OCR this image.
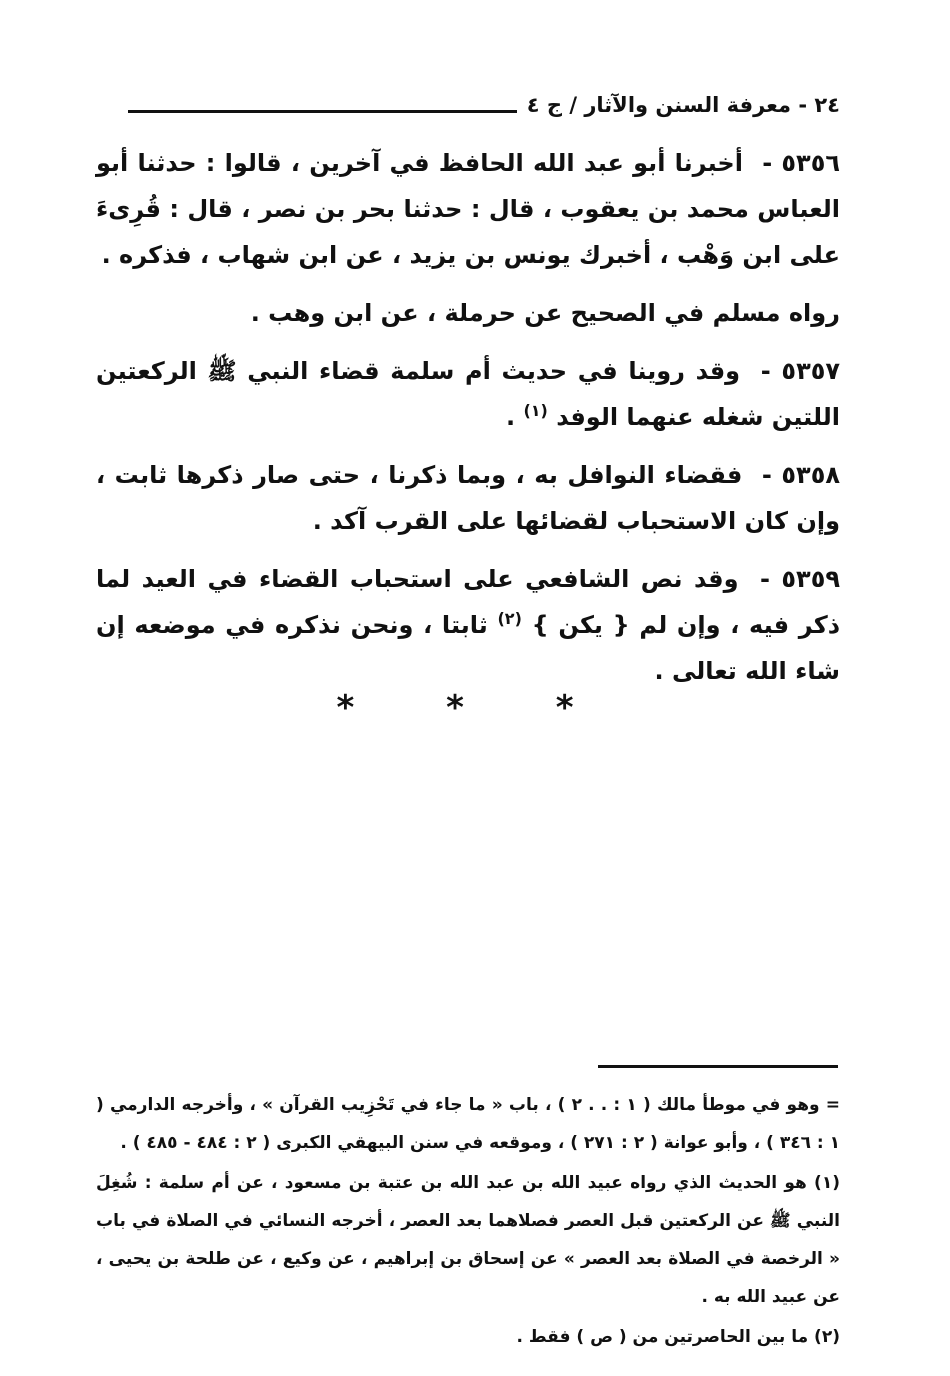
٢٤ - معرفة السنن والآثار / ج ٤

٥٣٥٦ - أخبرنا أبو عبد الله الحافظ في آخرين ، قالوا : حدثنا أبو العباس محمد بن يعقوب ، قال : حدثنا بحر بن نصر ، قال : قُرِىءَ على ابن وَهْب ، أخبرك يونس بن يزيد ، عن ابن شهاب ، فذكره .

رواه مسلم في الصحيح عن حرملة ، عن ابن وهب .

٥٣٥٧ - وقد روينا في حديث أم سلمة قضاء النبي ﷺ الركعتين اللتين شغله عنهما الوفد $^{(١)}$ .

٥٣٥٨ - فقضاء النوافل به ، وبما ذكرنا ، حتى صار ذكرها ثابت ، وإن كان الاستحباب لقضائها على القرب آكد .

٥٣٥٩ - وقد نص الشافعي على استحباب القضاء في العيد لما ذكر فيه ، وإن لم { يكن } $^{(٢)}$ ثابتا ، ونحن نذكره في موضعه إن شاء الله تعالى .

* * *

= وهو في موطأ مالك ( ١ : . . ٢ ) ، باب « ما جاء في تَحْزِيب القرآن » ، وأخرجه الدارمي ( ١ : ٣٤٦ ) ، وأبو عوانة ( ٢ : ٢٧١ ) ، وموقعه في سنن البيهقي الكبرى ( ٢ : ٤٨٤ - ٤٨٥ ) .

(١) هو الحديث الذي رواه عبيد الله بن عبد الله بن عتبة بن مسعود ، عن أم سلمة : شُغِلَ النبي ﷺ عن الركعتين قبل العصر فصلاهما بعد العصر ، أخرجه النسائي في الصلاة في باب « الرخصة في الصلاة بعد العصر » عن إسحاق بن إبراهيم ، عن وكيع ، عن طلحة بن يحيى ، عن عبيد الله به .

(٢) ما بين الحاصرتين من ( ص ) فقط .
